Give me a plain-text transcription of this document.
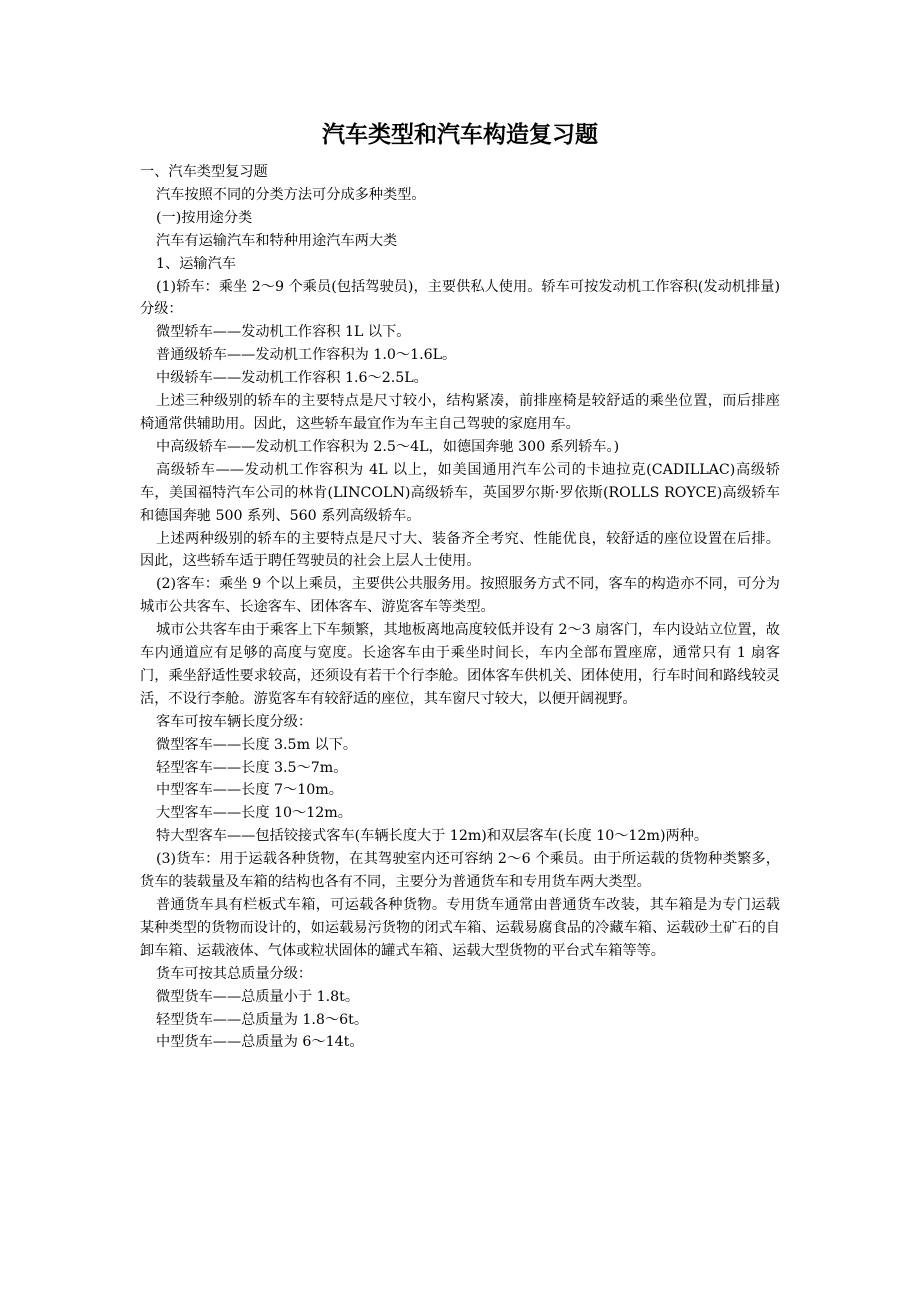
汽车类型和汽车构造复习题

一、汽车类型复习题

汽车按照不同的分类方法可分成多种类型。

(一)按用途分类

汽车有运输汽车和特种用途汽车两大类

1、运输汽车

(1)轿车：乘坐 2～9 个乘员(包括驾驶员)，主要供私人使用。轿车可按发动机工作容积(发动机排量)分级：

微型轿车——发动机工作容积 1L 以下。

普通级轿车——发动机工作容积为 1.0～1.6L。

中级轿车——发动机工作容积 1.6～2.5L。

上述三种级别的轿车的主要特点是尺寸较小，结构紧凑，前排座椅是较舒适的乘坐位置，而后排座椅通常供辅助用。因此，这些轿车最宜作为车主自己驾驶的家庭用车。

中高级轿车——发动机工作容积为 2.5～4L，如德国奔驰 300 系列轿车。)

高级轿车——发动机工作容积为 4L 以上，如美国通用汽车公司的卡迪拉克(CADILLAC)高级轿车，美国福特汽车公司的林肯(LINCOLN)高级轿车，英国罗尔斯·罗依斯(ROLLS ROYCE)高级轿车和德国奔驰 500 系列、560 系列高级轿车。

上述两种级别的轿车的主要特点是尺寸大、装备齐全考究、性能优良，较舒适的座位设置在后排。因此，这些轿车适于聘任驾驶员的社会上层人士使用。

(2)客车：乘坐 9 个以上乘员，主要供公共服务用。按照服务方式不同，客车的构造亦不同，可分为城市公共客车、长途客车、团体客车、游览客车等类型。

城市公共客车由于乘客上下车频繁，其地板离地高度较低并设有 2～3 扇客门，车内设站立位置，故车内通道应有足够的高度与宽度。长途客车由于乘坐时间长，车内全部布置座席，通常只有 1 扇客门，乘坐舒适性要求较高，还须设有若干个行李舱。团体客车供机关、团体使用，行车时间和路线较灵活，不设行李舱。游览客车有较舒适的座位，其车窗尺寸较大，以便开阔视野。

客车可按车辆长度分级：

微型客车——长度 3.5m 以下。

轻型客车——长度 3.5～7m。

中型客车——长度 7～10m。

大型客车——长度 10～12m。

特大型客车——包括铰接式客车(车辆长度大于 12m)和双层客车(长度 10～12m)两种。

(3)货车：用于运载各种货物，在其驾驶室内还可容纳 2～6 个乘员。由于所运载的货物种类繁多，货车的装载量及车箱的结构也各有不同，主要分为普通货车和专用货车两大类型。

普通货车具有栏板式车箱，可运载各种货物。专用货车通常由普通货车改装，其车箱是为专门运载某种类型的货物而设计的，如运载易污货物的闭式车箱、运载易腐食品的冷藏车箱、运载砂土矿石的自卸车箱、运载液体、气体或粒状固体的罐式车箱、运载大型货物的平台式车箱等等。

货车可按其总质量分级：

微型货车——总质量小于 1.8t。

轻型货车——总质量为 1.8～6t。

中型货车——总质量为 6～14t。
